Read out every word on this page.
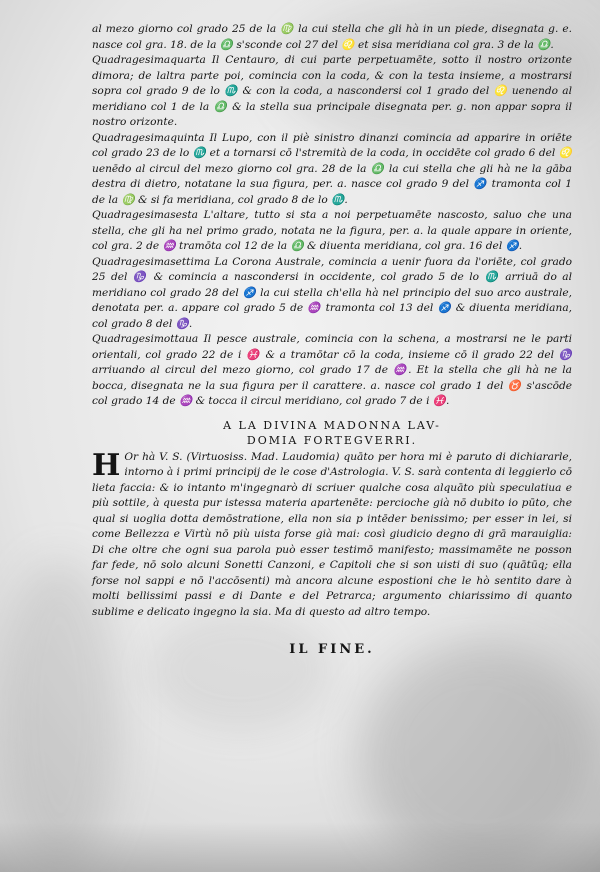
al mezo giorno col grado 25 de la ♍ la cui stella che gli hà in un piede, disegnata g. e. nasce col gra. 18. de la ♎ s'sconde col 27 del ♌ et sisa meridiana col gra. 3 de la ♎.

Quadragesimaquarta Il Centauro, di cui parte perpetuamēte, sotto il nostro orizonte dimora; de laltra parte poi, comincia con la coda, & con la testa insieme, a mostrarsi sopra col grado 9 de lo ♏ & con la coda, a nascondersi col 1 grado del ♌ uenendo al meridiano col 1 de la ♎ & la stella sua principale disegnata per. g. non appar sopra il nostro orizonte.

Quadragesimaquinta Il Lupo, con il piè sinistro dinanzi comincia ad apparire in oriēte col grado 23 de lo ♏ et a tornarsi cō l'stremità de la coda, in occidēte col grado 6 del ♌ uenēdo al circul del mezo giorno col gra. 28 de la ♎ la cui stella che gli hà ne la gāba destra di dietro, notatane la sua figura, per. a. nasce col grado 9 del ♐ tramonta col 1 de la ♍ & si fa meridiana, col grado 8 de lo ♏.

Quadragesimasesta L'altare, tutto si sta a noi perpetuamēte nascosto, saluo che una stella, che gli ha nel primo grado, notata ne la figura, per. a. la quale appare in oriente, col gra. 2 de ♒ tramōta col 12 de la ♎ & diuenta meridiana, col gra. 16 del ♐.

Quadragesimasettima La Corona Australe, comincia a uenir fuora da l'oriēte, col grado 25 del ♑ & comincia a nascondersi in occidente, col grado 5 de lo ♏ arriuā do al meridiano col grado 28 del ♐ la cui stella ch'ella hà nel principio del suo arco australe, denotata per. a. appare col grado 5 de ♒ tramonta col 13 del ♐ & diuenta meridiana, col grado 8 del ♑.

Quadragesimottaua Il pesce australe, comincia con la schena, a mostrarsi ne le parti orientali, col grado 22 de i ♓ & a tramōtar cō la coda, insieme cō il grado 22 del ♑ arriuando al circul del mezo giorno, col grado 17 de ♒. Et la stella che gli hà ne la bocca, disegnata ne la sua figura per il carattere. a. nasce col grado 1 del ♉ s'ascōde col grado 14 de ♒ & tocca il circul meridiano, col grado 7 de i ♓.

A LA DIVINA MADONNA LAV-
DOMIA FORTEGVERRI.

H Or hà V. S. (Virtuosiss. Mad. Laudomia) quāto per hora mi è paruto di dichiararle, intorno à i primi principij de le cose d'Astrologia. V. S. sarà contenta di leggierlo cō lieta faccia: & io intanto m'ingegnarò di scriuer qualche cosa alquāto più speculatiua e più sottile, à questa pur istessa materia apartenēte: percioche già nō dubito io pūto, che qual si uoglia dotta demōstratione, ella non sia p intēder benissimo; per esser in lei, si come Bellezza e Virtù nō più uista forse già mai: così giudicio degno di grā marauiglia: Di che oltre che ogni sua parola può esser testimō manifesto; massimamēte ne posson far fede, nō solo alcuni Sonetti Canzoni, e Capitoli che si son uisti di suo (quātūq; ella forse nol sappi e nō l'accōsenti) mà ancora alcune espostioni che le hò sentito dare à molti bellissimi passi e di Dante e del Petrarca; argumento chiarissimo di quanto sublime e delicato ingegno la sia. Ma di questo ad altro tempo.

IL FINE.
